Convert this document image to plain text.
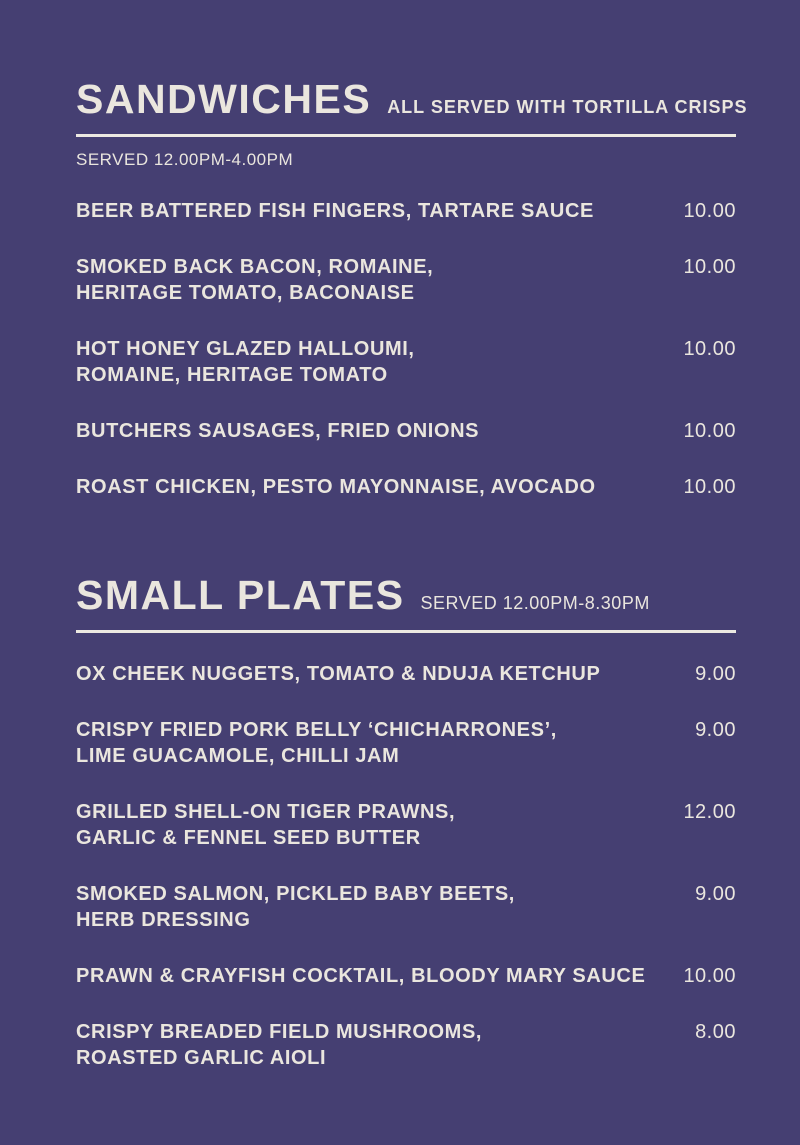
SANDWICHES ALL SERVED WITH TORTILLA CRISPS
SERVED 12.00PM-4.00PM
BEER BATTERED FISH FINGERS, TARTARE SAUCE	10.00
SMOKED BACK BACON, ROMAINE,
HERITAGE TOMATO, BACONAISE
10.00
HOT HONEY GLAZED HALLOUMI,
ROMAINE, HERITAGE TOMATO
10.00
BUTCHERS SAUSAGES, FRIED ONIONS	10.00
ROAST CHICKEN, PESTO MAYONNAISE, AVOCADO	10.00
SMALL PLATES SERVED 12.00PM-8.30PM
OX CHEEK NUGGETS, TOMATO & NDUJA KETCHUP	9.00
CRISPY FRIED PORK BELLY ‘CHICHARRONES’,
LIME GUACAMOLE, CHILLI JAM
9.00
GRILLED SHELL-ON TIGER PRAWNS,
GARLIC & FENNEL SEED BUTTER
12.00
SMOKED SALMON, PICKLED BABY BEETS,
HERB DRESSING
9.00
PRAWN & CRAYFISH COCKTAIL, BLOODY MARY SAUCE	10.00
CRISPY BREADED FIELD MUSHROOMS,
ROASTED GARLIC AIOLI
8.00
